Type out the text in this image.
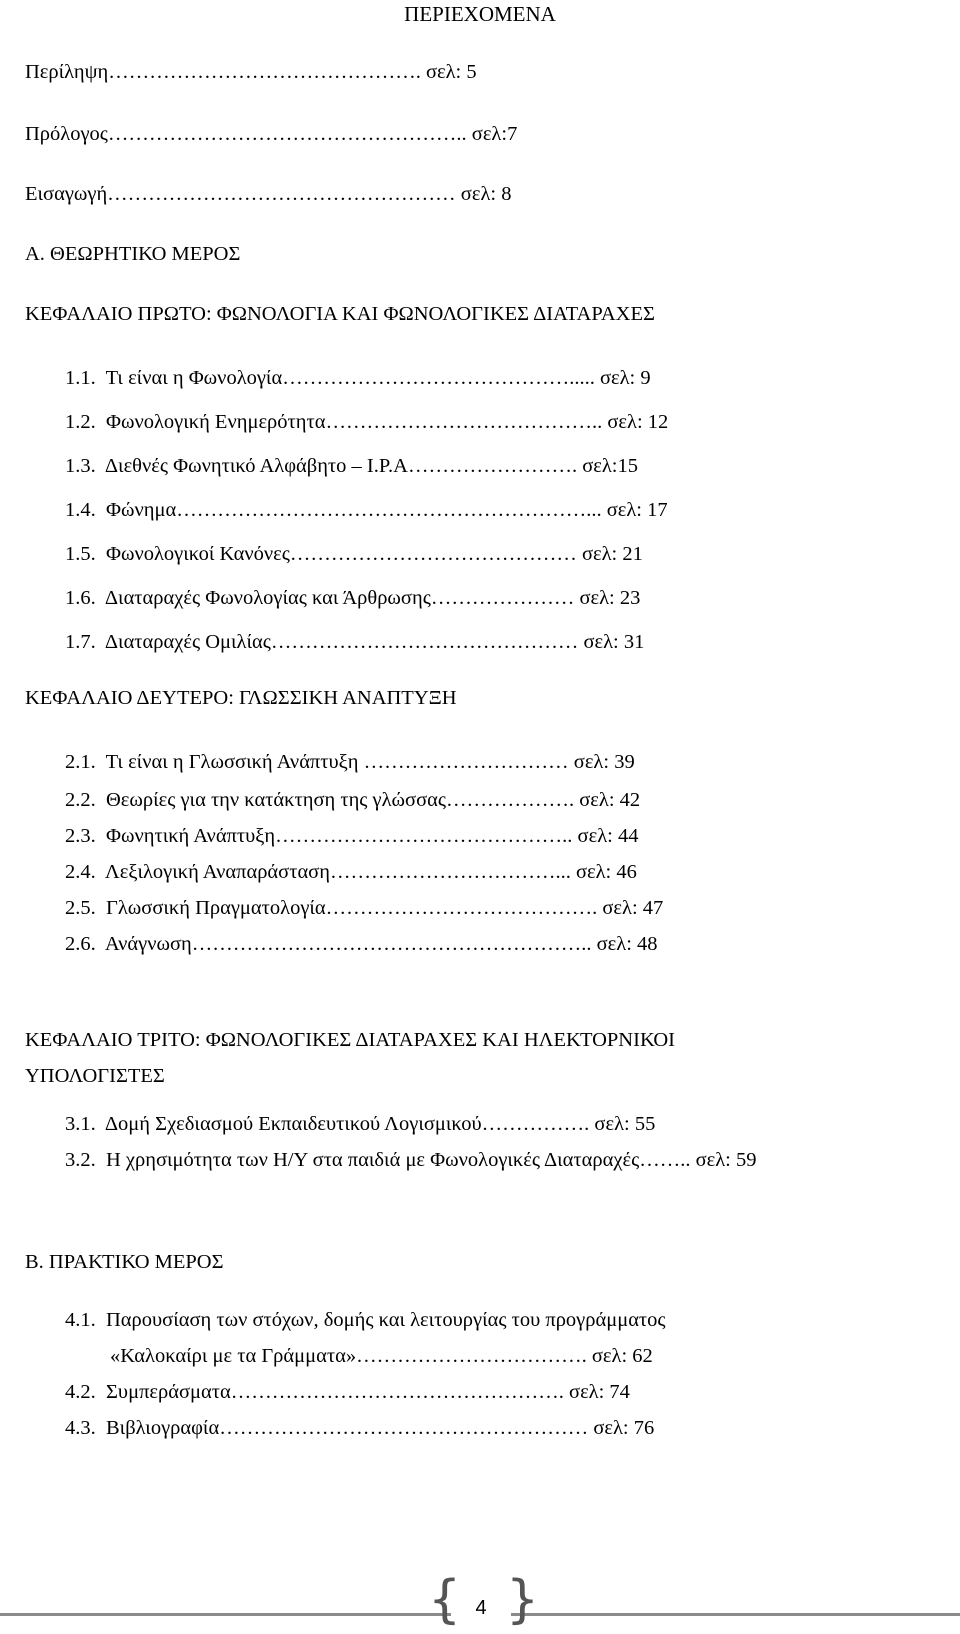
ΠΕΡΙΕΧΟΜΕΝΑ
Περίληψη………………………………………. σελ: 5
Πρόλογος…………………………………………….. σελ:7
Εισαγωγή…………………………………………… σελ: 8
Α. ΘΕΩΡΗΤΙΚΟ ΜΕΡΟΣ
ΚΕΦΑΛΑΙΟ ΠΡΩΤΟ: ΦΩΝΟΛΟΓΙΑ ΚΑΙ ΦΩΝΟΛΟΓΙΚΕΣ ΔΙΑΤΑΡΑΧΕΣ
1.1.  Τι είναι η Φωνολογία……………………………………..... σελ: 9
1.2.  Φωνολογική Ενημερότητα………………………………….. σελ: 12
1.3.  Διεθνές Φωνητικό Αλφάβητο – Ι.Ρ.Α……………………. σελ:15
1.4.  Φώνημα……………………………………………………... σελ: 17
1.5.  Φωνολογικοί Κανόνες…………………………………… σελ: 21
1.6.  Διαταραχές Φωνολογίας και Άρθρωσης………………… σελ: 23
1.7.  Διαταραχές Ομιλίας……………………………………… σελ: 31
ΚΕΦΑΛΑΙΟ ΔΕΥΤΕΡΟ: ΓΛΩΣΣΙΚΗ ΑΝΑΠΤΥΞΗ
2.1.  Τι είναι η Γλωσσική Ανάπτυξη ………………………… σελ: 39
2.2.  Θεωρίες για την κατάκτηση της γλώσσας………………. σελ: 42
2.3.  Φωνητική Ανάπτυξη…………………………………….. σελ: 44
2.4.  Λεξιλογική Αναπαράσταση……………………………... σελ: 46
2.5.  Γλωσσική Πραγματολογία…………………………………. σελ: 47
2.6.  Ανάγνωση………………………………………………….. σελ: 48
ΚΕΦΑΛΑΙΟ ΤΡΙΤΟ: ΦΩΝΟΛΟΓΙΚΕΣ ΔΙΑΤΑΡΑΧΕΣ ΚΑΙ ΗΛΕΚΤΟΡΝΙΚΟΙ
ΥΠΟΛΟΓΙΣΤΕΣ
3.1.  Δομή Σχεδιασμού Εκπαιδευτικού Λογισμικού……………. σελ: 55
3.2.  Η χρησιμότητα των Η/Υ στα παιδιά με Φωνολογικές Διαταραχές…….. σελ: 59
Β. ΠΡΑΚΤΙΚΟ ΜΕΡΟΣ
4.1.  Παρουσίαση των στόχων, δομής και λειτουργίας του προγράμματος
«Καλοκαίρι με τα Γράμματα»……………………………. σελ: 62
4.2.  Συμπεράσματα…………………………………………. σελ: 74
4.3.  Βιβλιογραφία……………………………………………… σελ: 76
{ }
4
